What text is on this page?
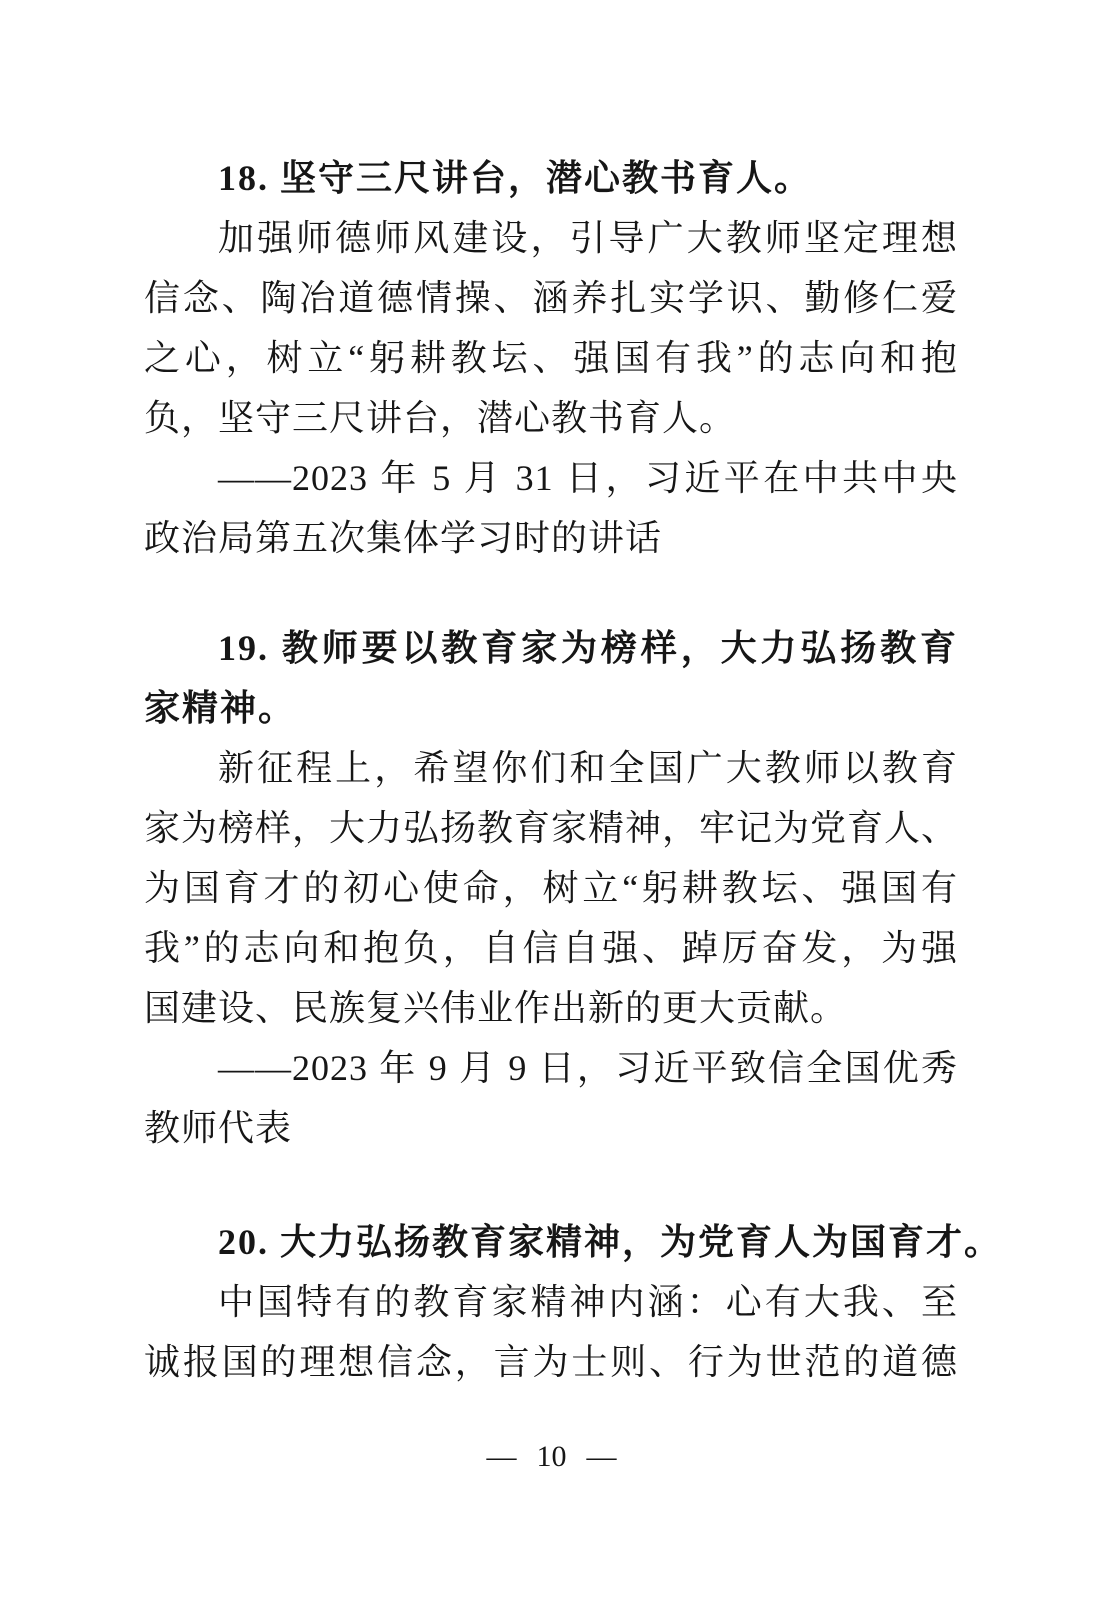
18. 坚守三尺讲台，潜心教书育人。
加强师德师风建设，引导广大教师坚定理想
信念、陶冶道德情操、涵养扎实学识、勤修仁爱
之心，树立“躬耕教坛、强国有我”的志向和抱
负，坚守三尺讲台，潜心教书育人。
——2023 年 5 月 31 日，习近平在中共中央
政治局第五次集体学习时的讲话
19. 教师要以教育家为榜样，大力弘扬教育
家精神。
新征程上，希望你们和全国广大教师以教育
家为榜样，大力弘扬教育家精神，牢记为党育人、
为国育才的初心使命，树立“躬耕教坛、强国有
我”的志向和抱负，自信自强、踔厉奋发，为强
国建设、民族复兴伟业作出新的更大贡献。
——2023 年 9 月 9 日，习近平致信全国优秀
教师代表
20. 大力弘扬教育家精神，为党育人为国育才。
中国特有的教育家精神内涵：心有大我、至
诚报国的理想信念，言为士则、行为世范的道德
— 10 —
